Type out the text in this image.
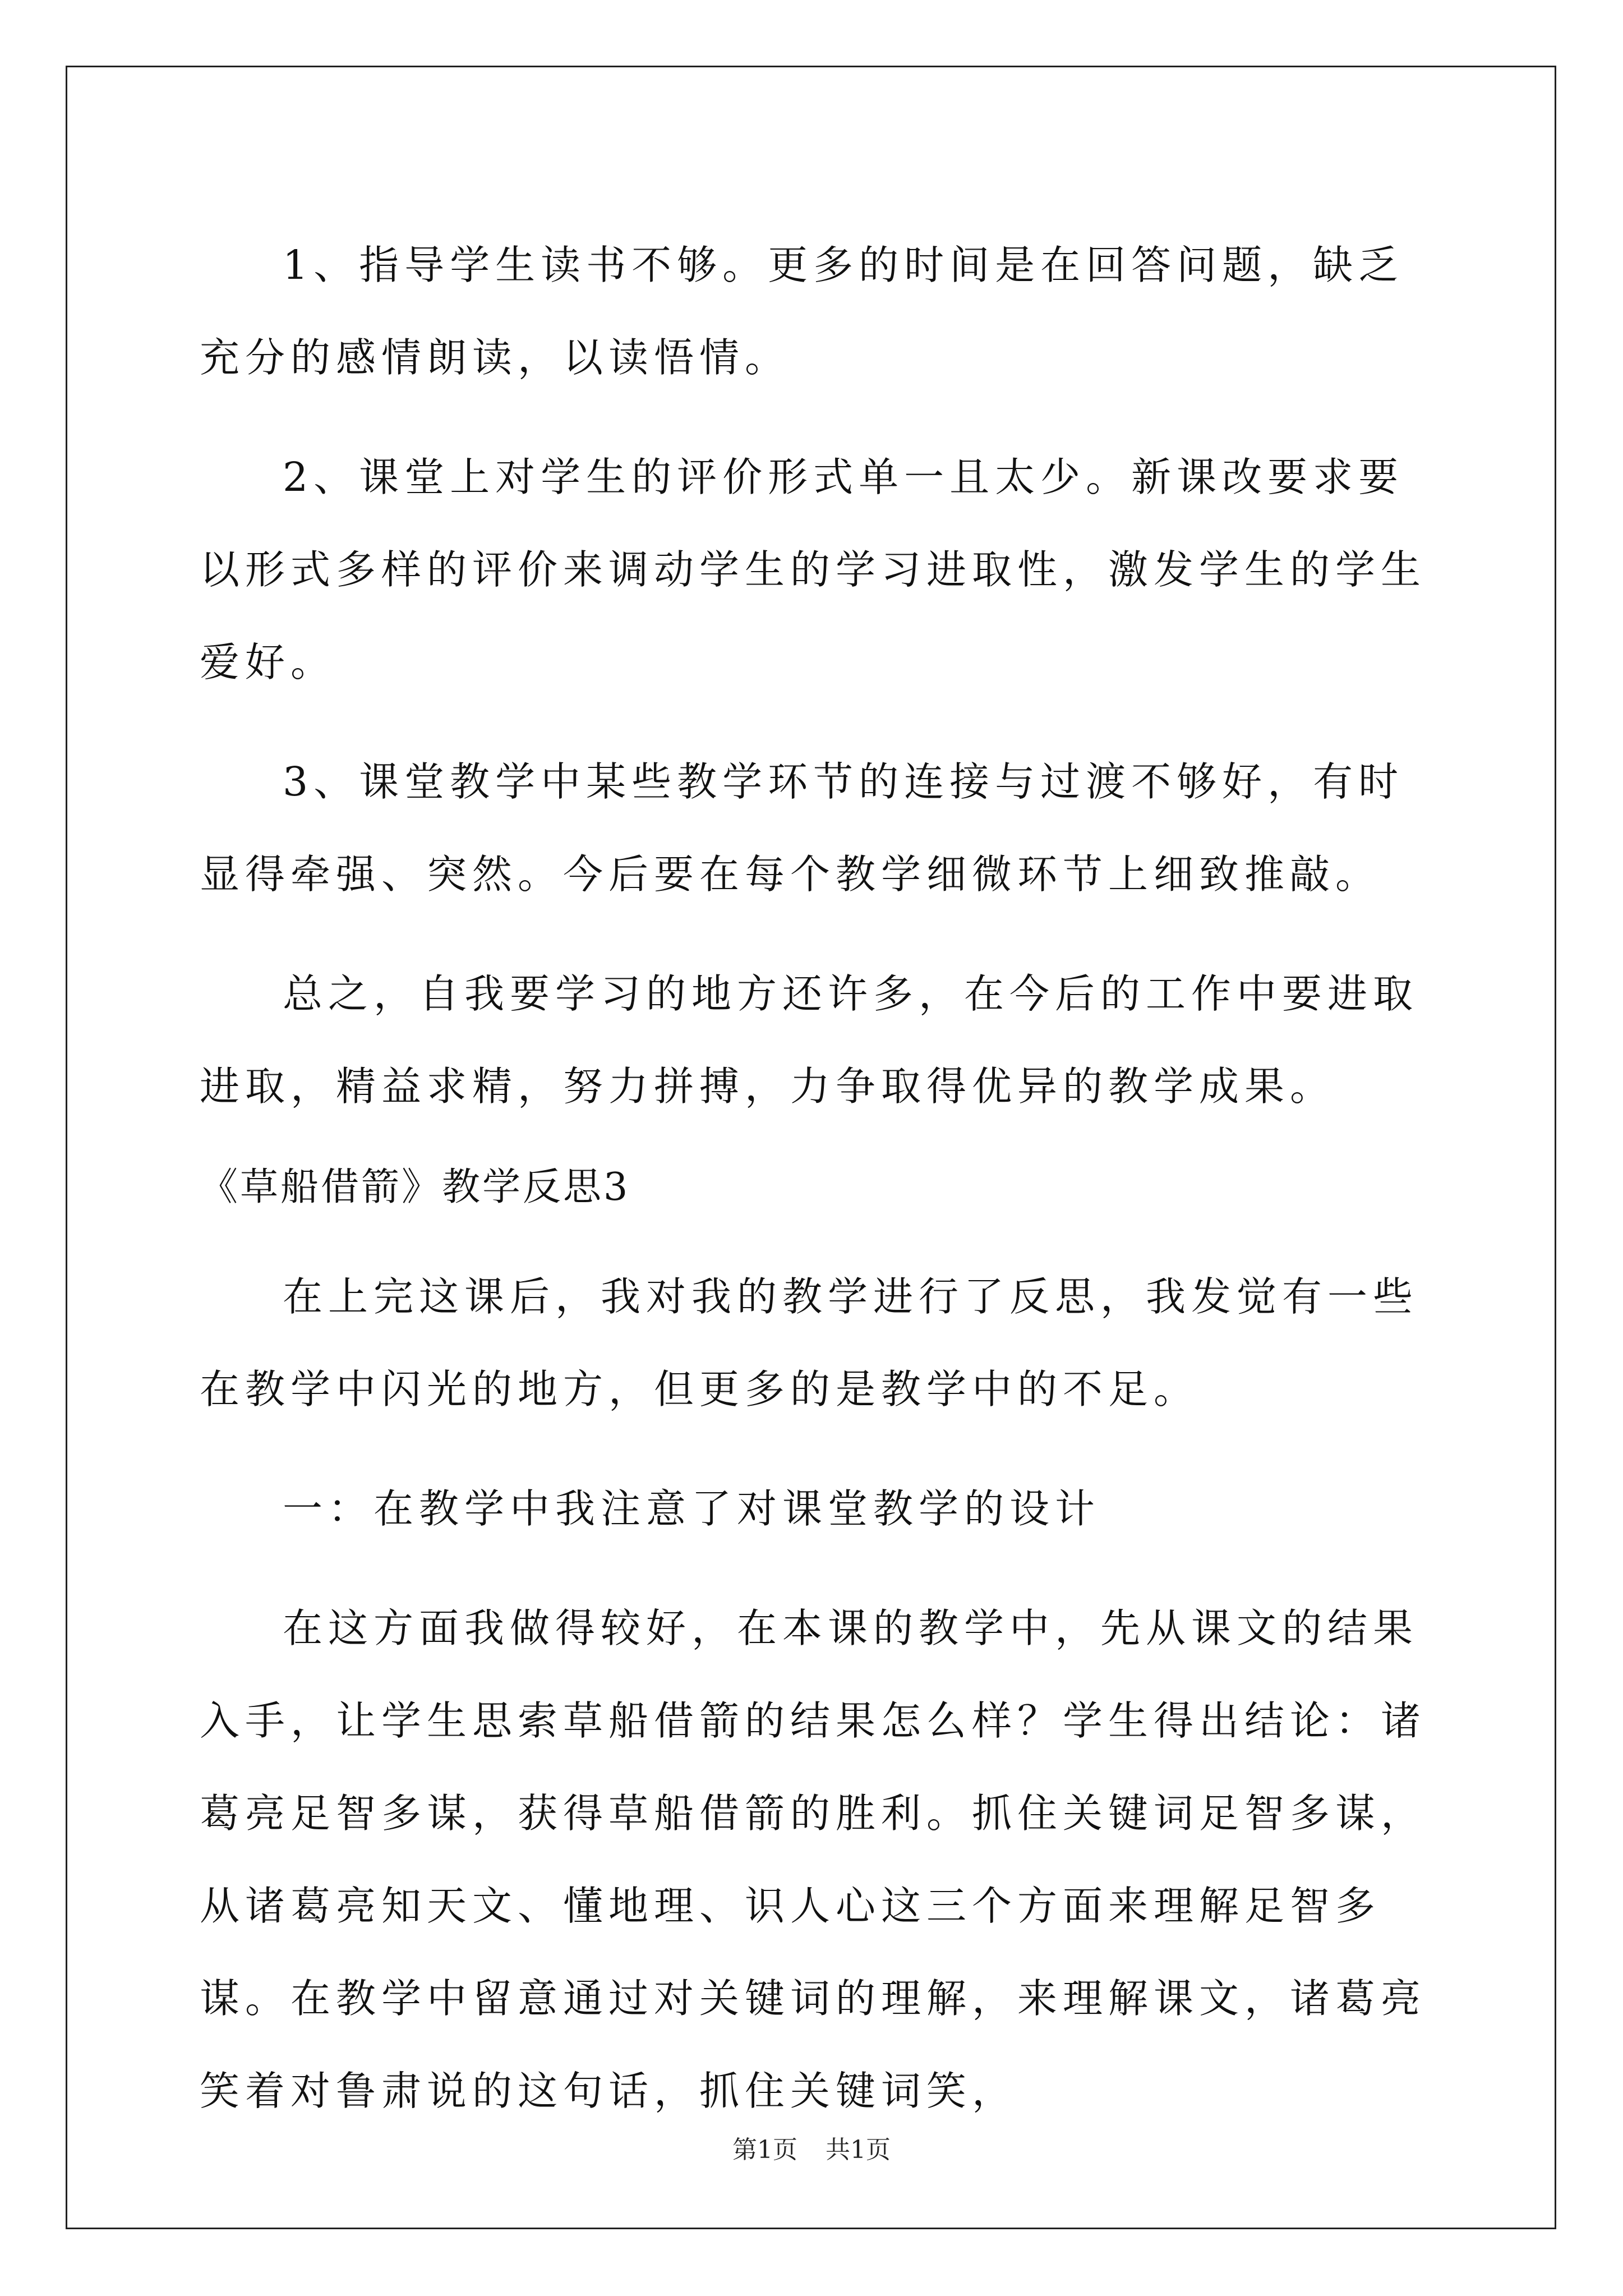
1、指导学生读书不够。更多的时间是在回答问题，缺乏充分的感情朗读，以读悟情。

2、课堂上对学生的评价形式单一且太少。新课改要求要以形式多样的评价来调动学生的学习进取性，激发学生的学生爱好。

3、课堂教学中某些教学环节的连接与过渡不够好，有时显得牵强、突然。今后要在每个教学细微环节上细致推敲。

总之，自我要学习的地方还许多，在今后的工作中要进取进取，精益求精，努力拼搏，力争取得优异的教学成果。

《草船借箭》教学反思3

在上完这课后，我对我的教学进行了反思，我发觉有一些在教学中闪光的地方，但更多的是教学中的不足。

一：在教学中我注意了对课堂教学的设计

在这方面我做得较好，在本课的教学中，先从课文的结果入手，让学生思索草船借箭的结果怎么样？学生得出结论：诸葛亮足智多谋，获得草船借箭的胜利。抓住关键词足智多谋，从诸葛亮知天文、懂地理、识人心这三个方面来理解足智多谋。在教学中留意通过对关键词的理解，来理解课文，诸葛亮笑着对鲁肃说的这句话，抓住关键词笑，

第1页 共1页
